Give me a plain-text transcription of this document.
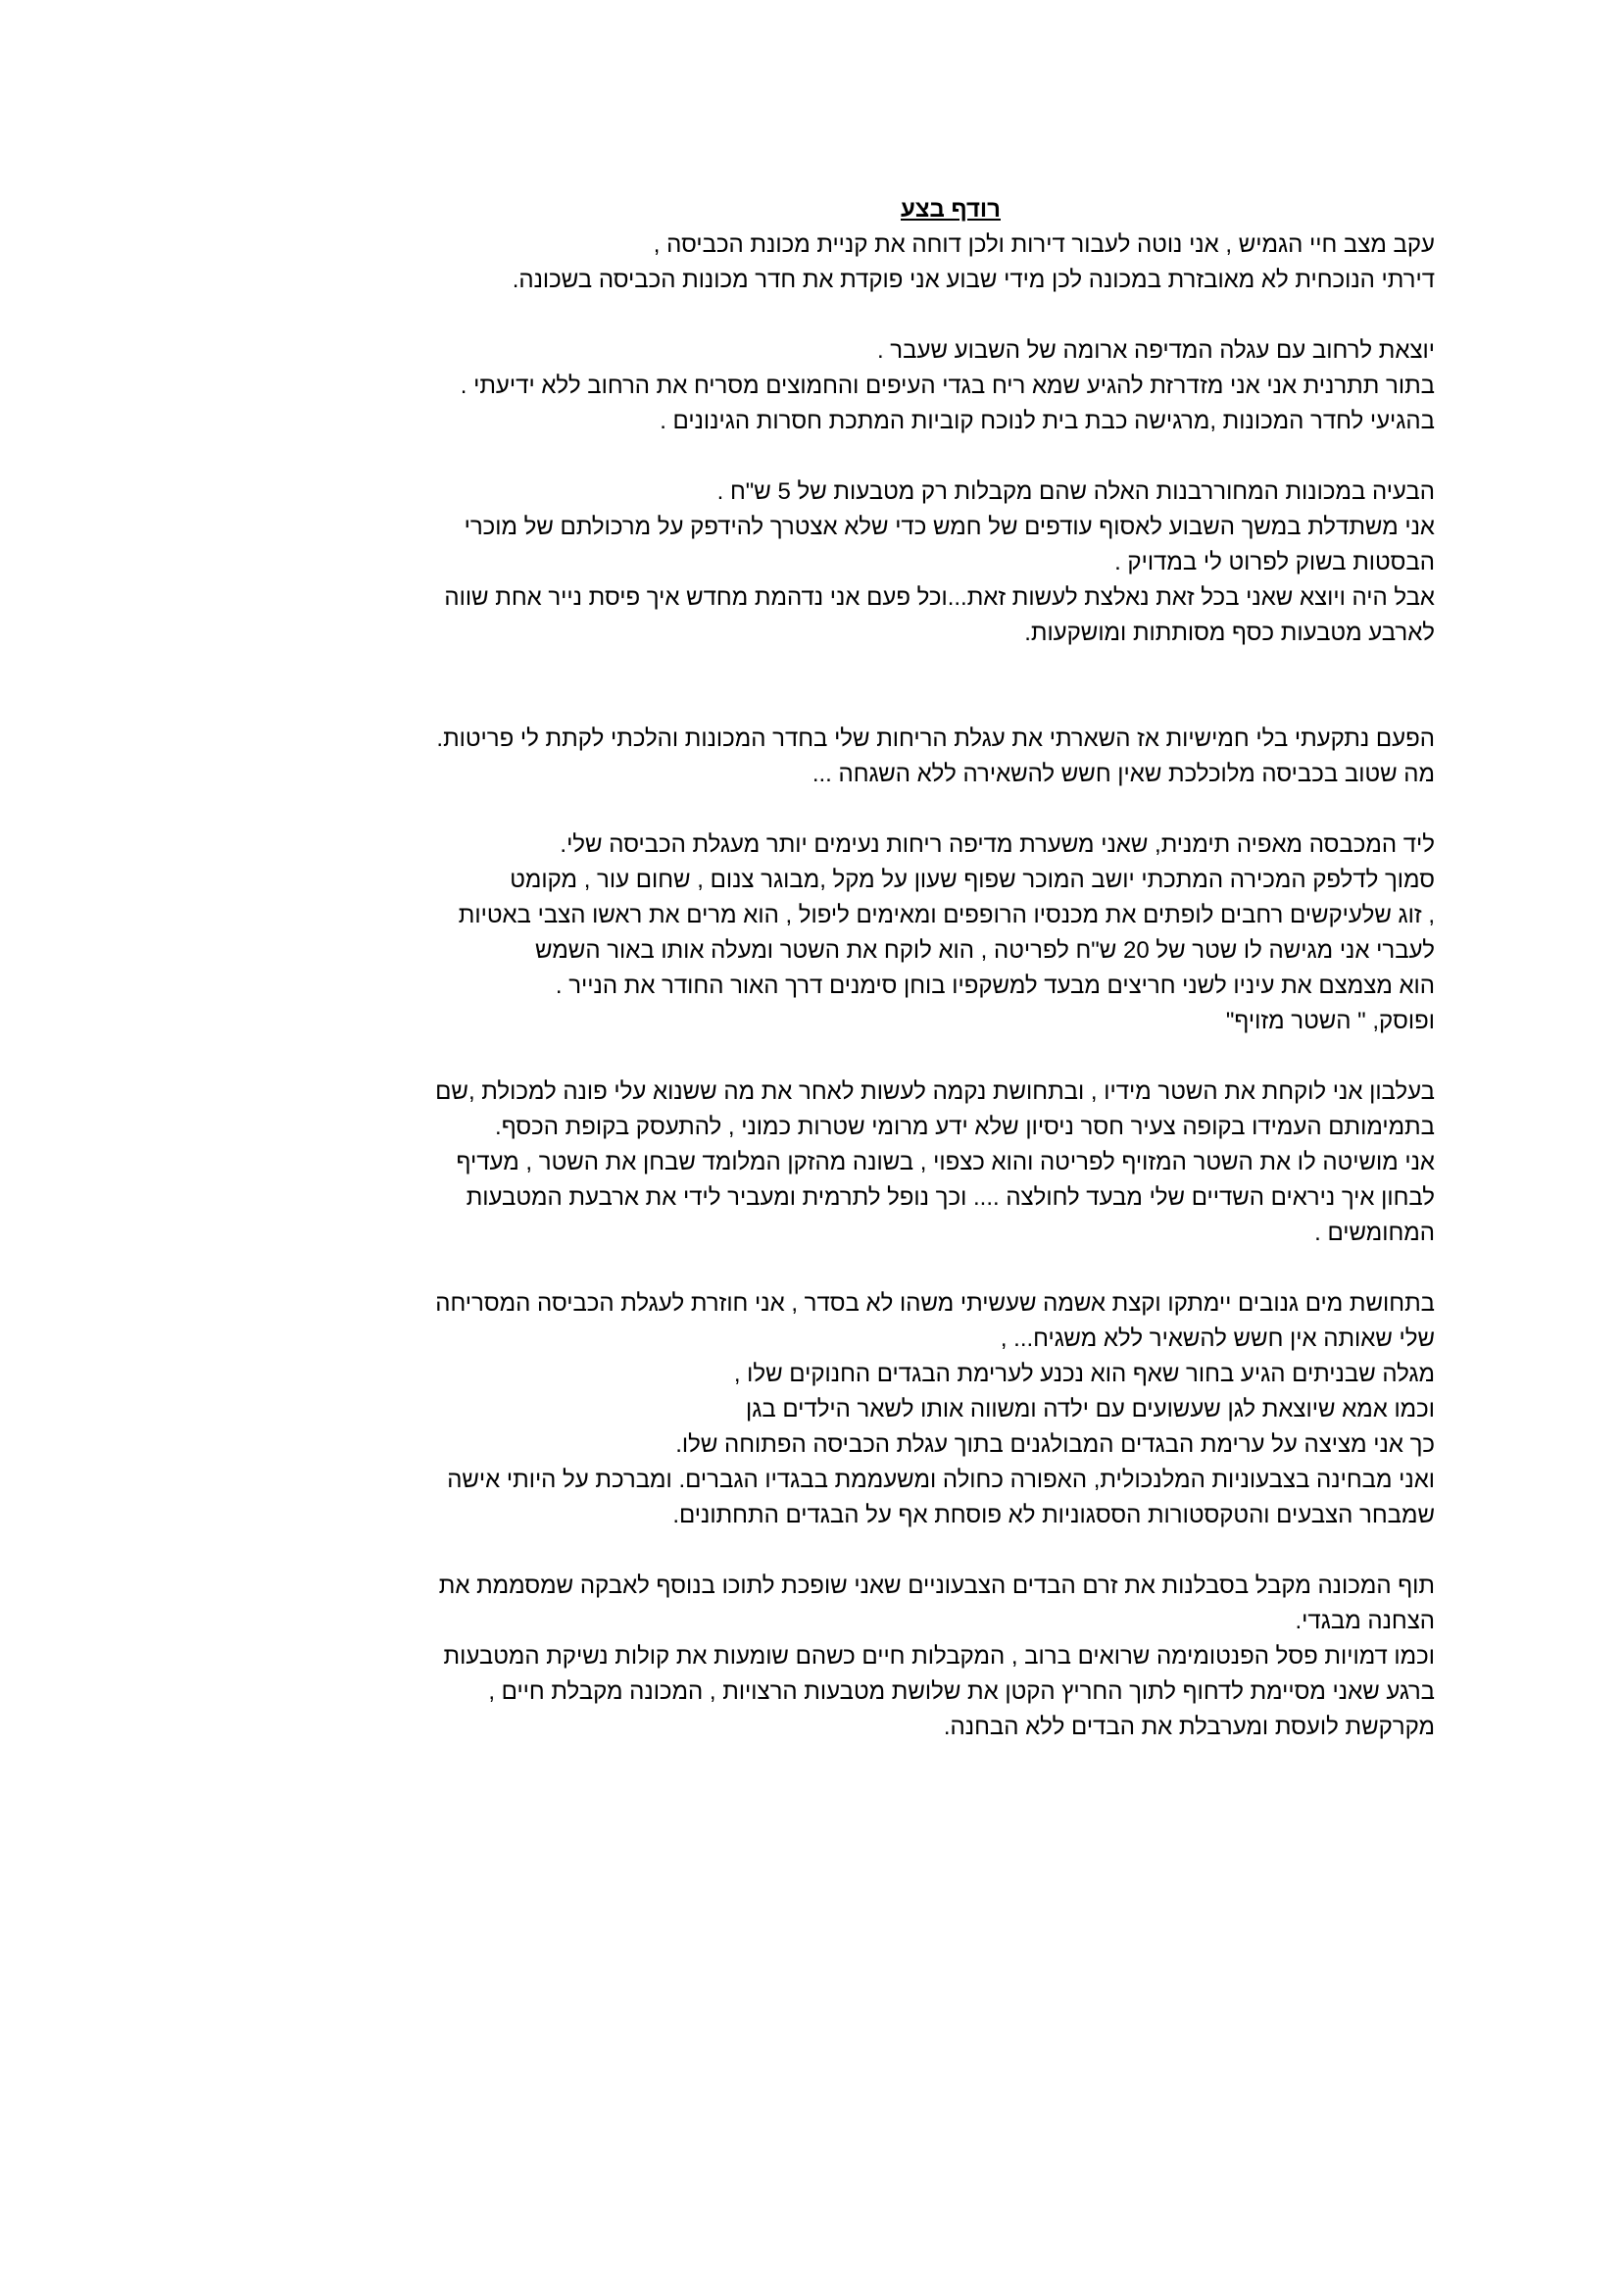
רודף בצע

עקב מצב חיי הגמיש , אני נוטה לעבור דירות ולכן דוחה את קניית מכונת הכביסה ,
דירתי הנוכחית לא מאובזרת במכונה לכן מידי שבוע אני פוקדת את חדר מכונות הכביסה בשכונה.
יוצאת לרחוב עם עגלה המדיפה ארומה של השבוע שעבר .
בתור תתרנית אני אני מזדרזת להגיע שמא ריח בגדי העיפים והחמוצים מסריח את הרחוב ללא ידיעתי .
בהגיעי לחדר המכונות ,מרגישה כבת בית לנוכח קוביות המתכת חסרות הגינונים .
הבעיה במכונות המחוררבנות האלה שהם מקבלות רק מטבעות של 5 ש"ח .
אני משתדלת במשך השבוע לאסוף עודפים של חמש כדי שלא אצטרך להידפק על מרכולתם של מוכרי
הבסטות בשוק לפרוט לי במדויק .
אבל היה ויוצא שאני בכל זאת נאלצת לעשות זאת...וכל פעם אני נדהמת מחדש איך פיסת נייר אחת שווה
לארבע מטבעות כסף מסותתות ומושקעות.
הפעם נתקעתי בלי חמישיות אז השארתי את עגלת הריחות שלי בחדר המכונות והלכתי לקתת לי פריטות.
מה שטוב בכביסה מלוכלכת שאין חשש להשאירה ללא השגחה ...
ליד המכבסה מאפיה תימנית, שאני משערת מדיפה ריחות נעימים יותר מעגלת הכביסה שלי.
סמוך לדלפק המכירה המתכתי יושב המוכר שפוף שעון על מקל ,מבוגר צנום , שחום עור , מקומט
, זוג שלעיקשים רחבים לופתים את מכנסיו הרופפים ומאימים ליפול , הוא מרים את ראשו הצבי באטיות
לעברי אני מגישה לו שטר של 20 ש"ח לפריטה , הוא לוקח את השטר ומעלה אותו באור השמש
הוא מצמצם את עיניו לשני חריצים מבעד למשקפיו בוחן סימנים דרך האור החודר את הנייר .
ופוסק, " השטר מזויף"
בעלבון אני לוקחת את השטר מידיו , ובתחושת נקמה לעשות לאחר את מה ששנוא עלי פונה למכולת ,שם
בתמימותם העמידו בקופה צעיר חסר ניסיון שלא ידע מרומי שטרות כמוני , להתעסק בקופת הכסף.
אני מושיטה לו את השטר המזויף לפריטה והוא כצפוי , בשונה מהזקן המלומד שבחן את השטר , מעדיף
לבחון איך ניראים השדיים שלי מבעד לחולצה .... וכך נופל לתרמית ומעביר לידי את ארבעת המטבעות
המחומשים .
בתחושת מים גנובים יימתקו וקצת אשמה שעשיתי משהו לא בסדר , אני חוזרת לעגלת הכביסה המסריחה
שלי שאותה אין חשש להשאיר ללא משגיח... ,
מגלה שבניתים הגיע בחור שאף הוא נכנע לערימת הבגדים החנוקים שלו ,
וכמו אמא שיוצאת לגן שעשועים עם ילדה ומשווה אותו לשאר הילדים בגן
כך אני מציצה על ערימת הבגדים המבולגנים בתוך עגלת הכביסה הפתוחה שלו.
ואני מבחינה בצבעוניות המלנכולית, האפורה כחולה ומשעממת בבגדיו הגברים. ומברכת על היותי אישה
שמבחר הצבעים והטקסטורות הססגוניות לא פוסחת אף על הבגדים התחתונים.
תוף המכונה מקבל בסבלנות את זרם הבדים הצבעוניים שאני שופכת לתוכו בנוסף לאבקה שמסממת את
הצחנה מבגדי.
וכמו דמויות פסל הפנטומימה שרואים ברוב , המקבלות חיים כשהם שומעות את קולות נשיקת המטבעות
ברגע שאני מסיימת לדחוף לתוך החריץ הקטן את שלושת מטבעות הרצויות , המכונה מקבלת חיים ,
מקרקשת לועסת ומערבלת את הבדים ללא הבחנה.
